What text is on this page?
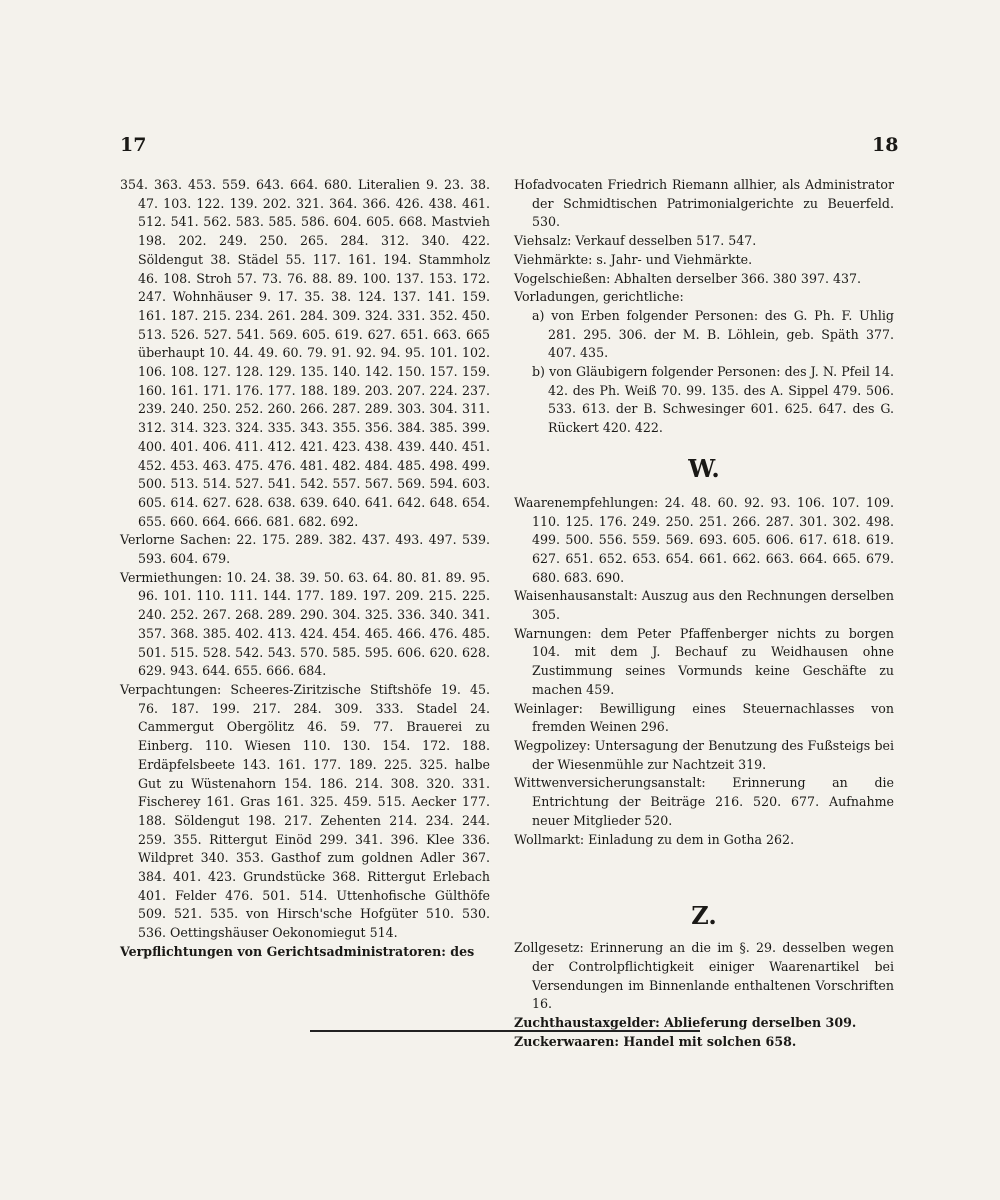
17	18

354. 363. 453. 559. 643. 664. 680. Literalien 9. 23. 38. 47. 103. 122. 139. 202. 321. 364. 366. 426. 438. 461. 512. 541. 562. 583. 585. 586. 604. 605. 668. Mastvieh 198. 202. 249. 250. 265. 284. 312. 340. 422. Söldengut 38. Städel 55. 117. 161. 194. Stammholz 46. 108. Stroh 57. 73. 76. 88. 89. 100. 137. 153. 172. 247. Wohnhäuser 9. 17. 35. 38. 124. 137. 141. 159. 161. 187. 215. 234. 261. 284. 309. 324. 331. 352. 450. 513. 526. 527. 541. 569. 605. 619. 627. 651. 663. 665 überhaupt 10. 44. 49. 60. 79. 91. 92. 94. 95. 101. 102. 106. 108. 127. 128. 129. 135. 140. 142. 150. 157. 159. 160. 161. 171. 176. 177. 188. 189. 203. 207. 224. 237. 239. 240. 250. 252. 260. 266. 287. 289. 303. 304. 311. 312. 314. 323. 324. 335. 343. 355. 356. 384. 385. 399. 400. 401. 406. 411. 412. 421. 423. 438. 439. 440. 451. 452. 453. 463. 475. 476. 481. 482. 484. 485. 498. 499. 500. 513. 514. 527. 541. 542. 557. 567. 569. 594. 603. 605. 614. 627. 628. 638. 639. 640. 641. 642. 648. 654. 655. 660. 664. 666. 681. 682. 692.

Verlorne Sachen: 22. 175. 289. 382. 437. 493. 497. 539. 593. 604. 679.

Vermiethungen: 10. 24. 38. 39. 50. 63. 64. 80. 81. 89. 95. 96. 101. 110. 111. 144. 177. 189. 197. 209. 215. 225. 240. 252. 267. 268. 289. 290. 304. 325. 336. 340. 341. 357. 368. 385. 402. 413. 424. 454. 465. 466. 476. 485. 501. 515. 528. 542. 543. 570. 585. 595. 606. 620. 628. 629. 943. 644. 655. 666. 684.

Verpachtungen: Scheeres-Ziritzische Stiftshöfe 19. 45. 76. 187. 199. 217. 284. 309. 333. Stadel 24. Cammergut Obergölitz 46. 59. 77. Brauerei zu Einberg. 110. Wiesen 110. 130. 154. 172. 188. Erdäpfelsbeete 143. 161. 177. 189. 225. 325. halbe Gut zu Wüstenahorn 154. 186. 214. 308. 320. 331. Fischerey 161. Gras 161. 325. 459. 515. Aecker 177. 188. Söldengut 198. 217. Zehenten 214. 234. 244. 259. 355. Rittergut Einöd 299. 341. 396. Klee 336. Wildpret 340. 353. Gasthof zum goldnen Adler 367. 384. 401. 423. Grundstücke 368. Rittergut Erlebach 401. Felder 476. 501. 514. Uttenhofische Gülthöfe 509. 521. 535. von Hirsch'sche Hofgüter 510. 530. 536. Oettingshäuser Oekonomiegut 514.

Verpflichtungen von Gerichtsadministratoren: des

Hofadvocaten Friedrich Riemann allhier, als Administrator der Schmidtischen Patrimonialgerichte zu Beuerfeld. 530.

Viehsalz: Verkauf desselben 517. 547.

Viehmärkte: s. Jahr- und Viehmärkte.

Vogelschießen: Abhalten derselber 366. 380 397. 437.

Vorladungen, gerichtliche:

a) von Erben folgender Personen: des G. Ph. F. Uhlig 281. 295. 306. der M. B. Löhlein, geb. Späth 377. 407. 435.

b) von Gläubigern folgender Personen: des J. N. Pfeil 14. 42. des Ph. Weiß 70. 99. 135. des A. Sippel 479. 506. 533. 613. der B. Schwesinger 601. 625. 647. des G. Rückert 420. 422.

W.

Waarenempfehlungen: 24. 48. 60. 92. 93. 106. 107. 109. 110. 125. 176. 249. 250. 251. 266. 287. 301. 302. 498. 499. 500. 556. 559. 569. 693. 605. 606. 617. 618. 619. 627. 651. 652. 653. 654. 661. 662. 663. 664. 665. 679. 680. 683. 690.

Waisenhausanstalt: Auszug aus den Rechnungen derselben 305.

Warnungen: dem Peter Pfaffenberger nichts zu borgen 104. mit dem J. Bechauf zu Weidhausen ohne Zustimmung seines Vormunds keine Geschäfte zu machen 459.

Weinlager: Bewilligung eines Steuernachlasses von fremden Weinen 296.

Wegpolizey: Untersagung der Benutzung des Fußsteigs bei der Wiesenmühle zur Nachtzeit 319.

Wittwenversicherungsanstalt: Erinnerung an die Entrichtung der Beiträge 216. 520. 677. Aufnahme neuer Mitglieder 520.

Wollmarkt: Einladung zu dem in Gotha 262.

Z.

Zollgesetz: Erinnerung an die im §. 29. desselben wegen der Controlpflichtigkeit einiger Waarenartikel bei Versendungen im Binnenlande enthaltenen Vorschriften 16.

Zuchthaustaxgelder: Ablieferung derselben 309.

Zuckerwaaren: Handel mit solchen 658.
